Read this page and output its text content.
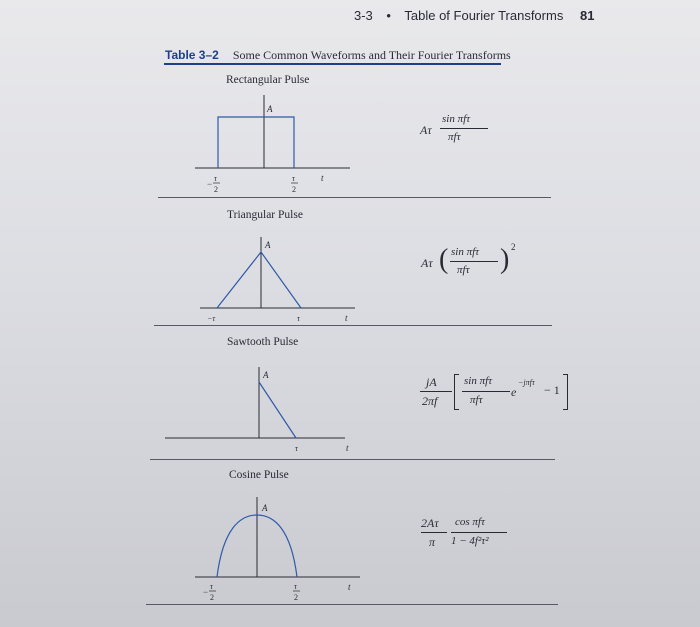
3-3 • Table of Fourier Transforms 81
Table 3–2 Some Common Waveforms and Their Fourier Transforms
Rectangular Pulse
Triangular Pulse
Sawtooth Pulse
Cosine Pulse
A
t
−
τ
2
τ
2
Aτ
sin πfτ
πfτ
A
t
−τ	τ
Aτ ( sin πfτ
πfτ ) 2
A
t
τ
jA
2πf
sin πfτ
πfτ
e
−jπfτ
− 1
A
t
−
τ
2
τ
2
2Aτ
π
cos πfτ
1 − 4f²τ²
